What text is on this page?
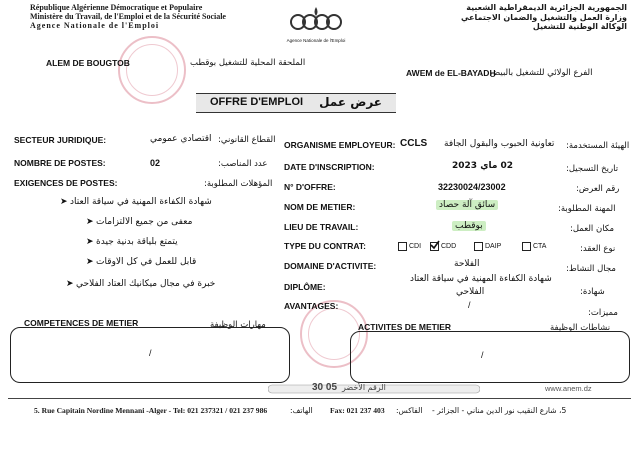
République Algérienne Démocratique et Populaire
Ministère du Travail, de l'Emploi et de la Sécurité Sociale
Agence Nationale de l'Emploi
Agence Nationale de l'Emploi
الجمهورية الجزائرية الديمقراطية الشعبية
وزارة العمل والتشغيل والضمان الاجتماعي
الوكالة الوطنية للتشغيل
ALEM DE BOUGTOB	الملحقة المحلية للتشغيل بوقطب
AWEM de EL-BAYADH
الفرع الولائي للتشغيل بالبيض
OFFRE D'EMPLOI عرض عمل
SECTEUR JURIDIQUE:	اقتصادي عمومي القطاع القانوني:
NOMBRE DE POSTES:	02	عدد المناصب:
EXIGENCES DE POSTES:	المؤهلات المطلوبة:
➤ شهادة الكفاءة المهنية في سياقة العتاد
➤ معفى من جميع الالتزامات
➤ يتمتع بلياقة بدنية جيدة
➤ قابل للعمل في كل الاوقات
➤ خبرة في مجال ميكانيك العتاد الفلاحي
ORGANISME EMPLOYEUR: CCLS تعاونية الحبوب والبقول الجافة الهيئة المستخدمة:
DATE D'INSCRIPTION:	02 ماي 2023	تاريخ التسجيل:
N° D'OFFRE:	32230024/23002	رقم العرض:
NOM DE METIER:	سائق آلة حصاد	المهنة المطلوبة:
LIEU DE TRAVAIL:	بوقطب	مكان العمل:
TYPE DU CONTRAT:	CDI	CDD	DAIP	CTA	نوع العقد:
DOMAINE D'ACTIVITE:	الفلاحة	مجال النشاط:
DIPLÔME:
شهادة الكفاءة المهنية في سياقة العتاد
الفلاحي	شهادة:
AVANTAGES:	/
مميزات:
COMPETENCES DE METIER	مهارات الوظيفة
/
ACTIVITES DE METIER	نشاطات الوظيفة
/
الرقم الأخضر
30 05	www.anem.dz
5. Rue Capitain Nordine Mennani -Alger - Tel: 021 237321 / 021 237 986	الهاتف: Fax: 021 237 403 الفاكس: 5، شارع النقيب نور الدين مناني - الجزائر -
